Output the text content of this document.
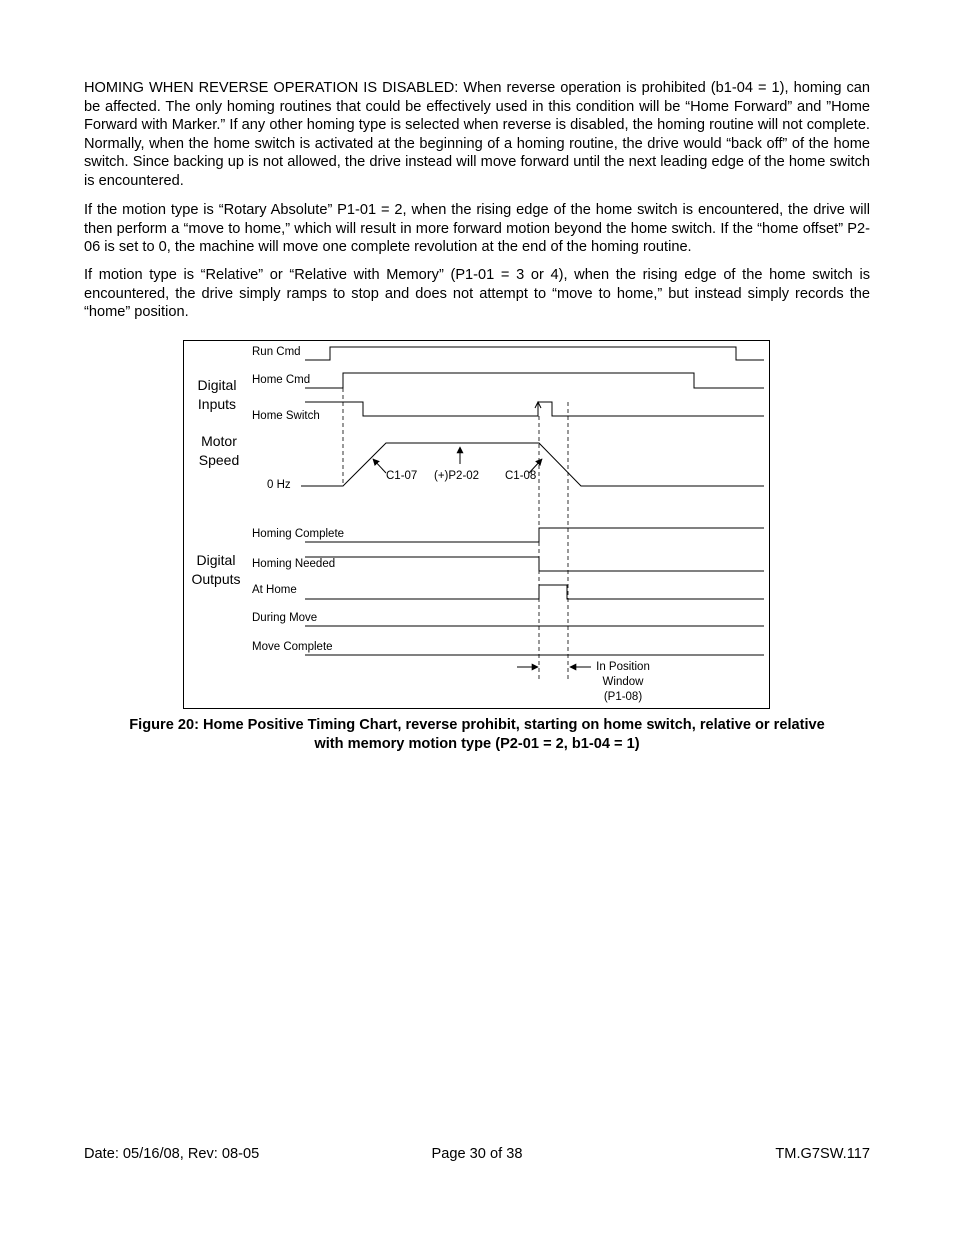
HOMING WHEN REVERSE OPERATION IS DISABLED: When reverse operation is prohibited (b1-04 = 1), homing can be affected. The only homing routines that could be effectively used in this condition will be “Home Forward” and ”Home Forward with Marker.” If any other homing type is selected when reverse is disabled, the homing routine will not complete. Normally, when the home switch is activated at the beginning of a homing routine, the drive would “back off” of the home switch. Since backing up is not allowed, the drive instead will move forward until the next leading edge of the home switch is encountered.

If the motion type is “Rotary Absolute” P1-01 = 2, when the rising edge of the home switch is encountered, the drive will then perform a “move to home,” which will result in more forward motion beyond the home switch. If the “home offset” P2-06 is set to 0, the machine will move one complete revolution at the end of the homing routine.

If motion type is “Relative” or “Relative with Memory” (P1-01 = 3 or 4), when the rising edge of the home switch is encountered, the drive simply ramps to stop and does not attempt to “move to home,” but instead simply records the “home” position.

Digital
Inputs
Motor
Speed
Digital
Outputs
Run Cmd
Home Cmd
Home Switch
0 Hz
Homing Complete
Homing Needed
At Home
During Move
Move Complete
C1-07 (+)P2-02 C1-08
In Position
Window
(P1-08)
Figure 20: Home Positive Timing Chart, reverse prohibit, starting on home switch, relative or relative
with memory motion type (P2-01 = 2, b1-04 = 1)
Date: 05/16/08, Rev: 08-05	Page 30 of 38	TM.G7SW.117
